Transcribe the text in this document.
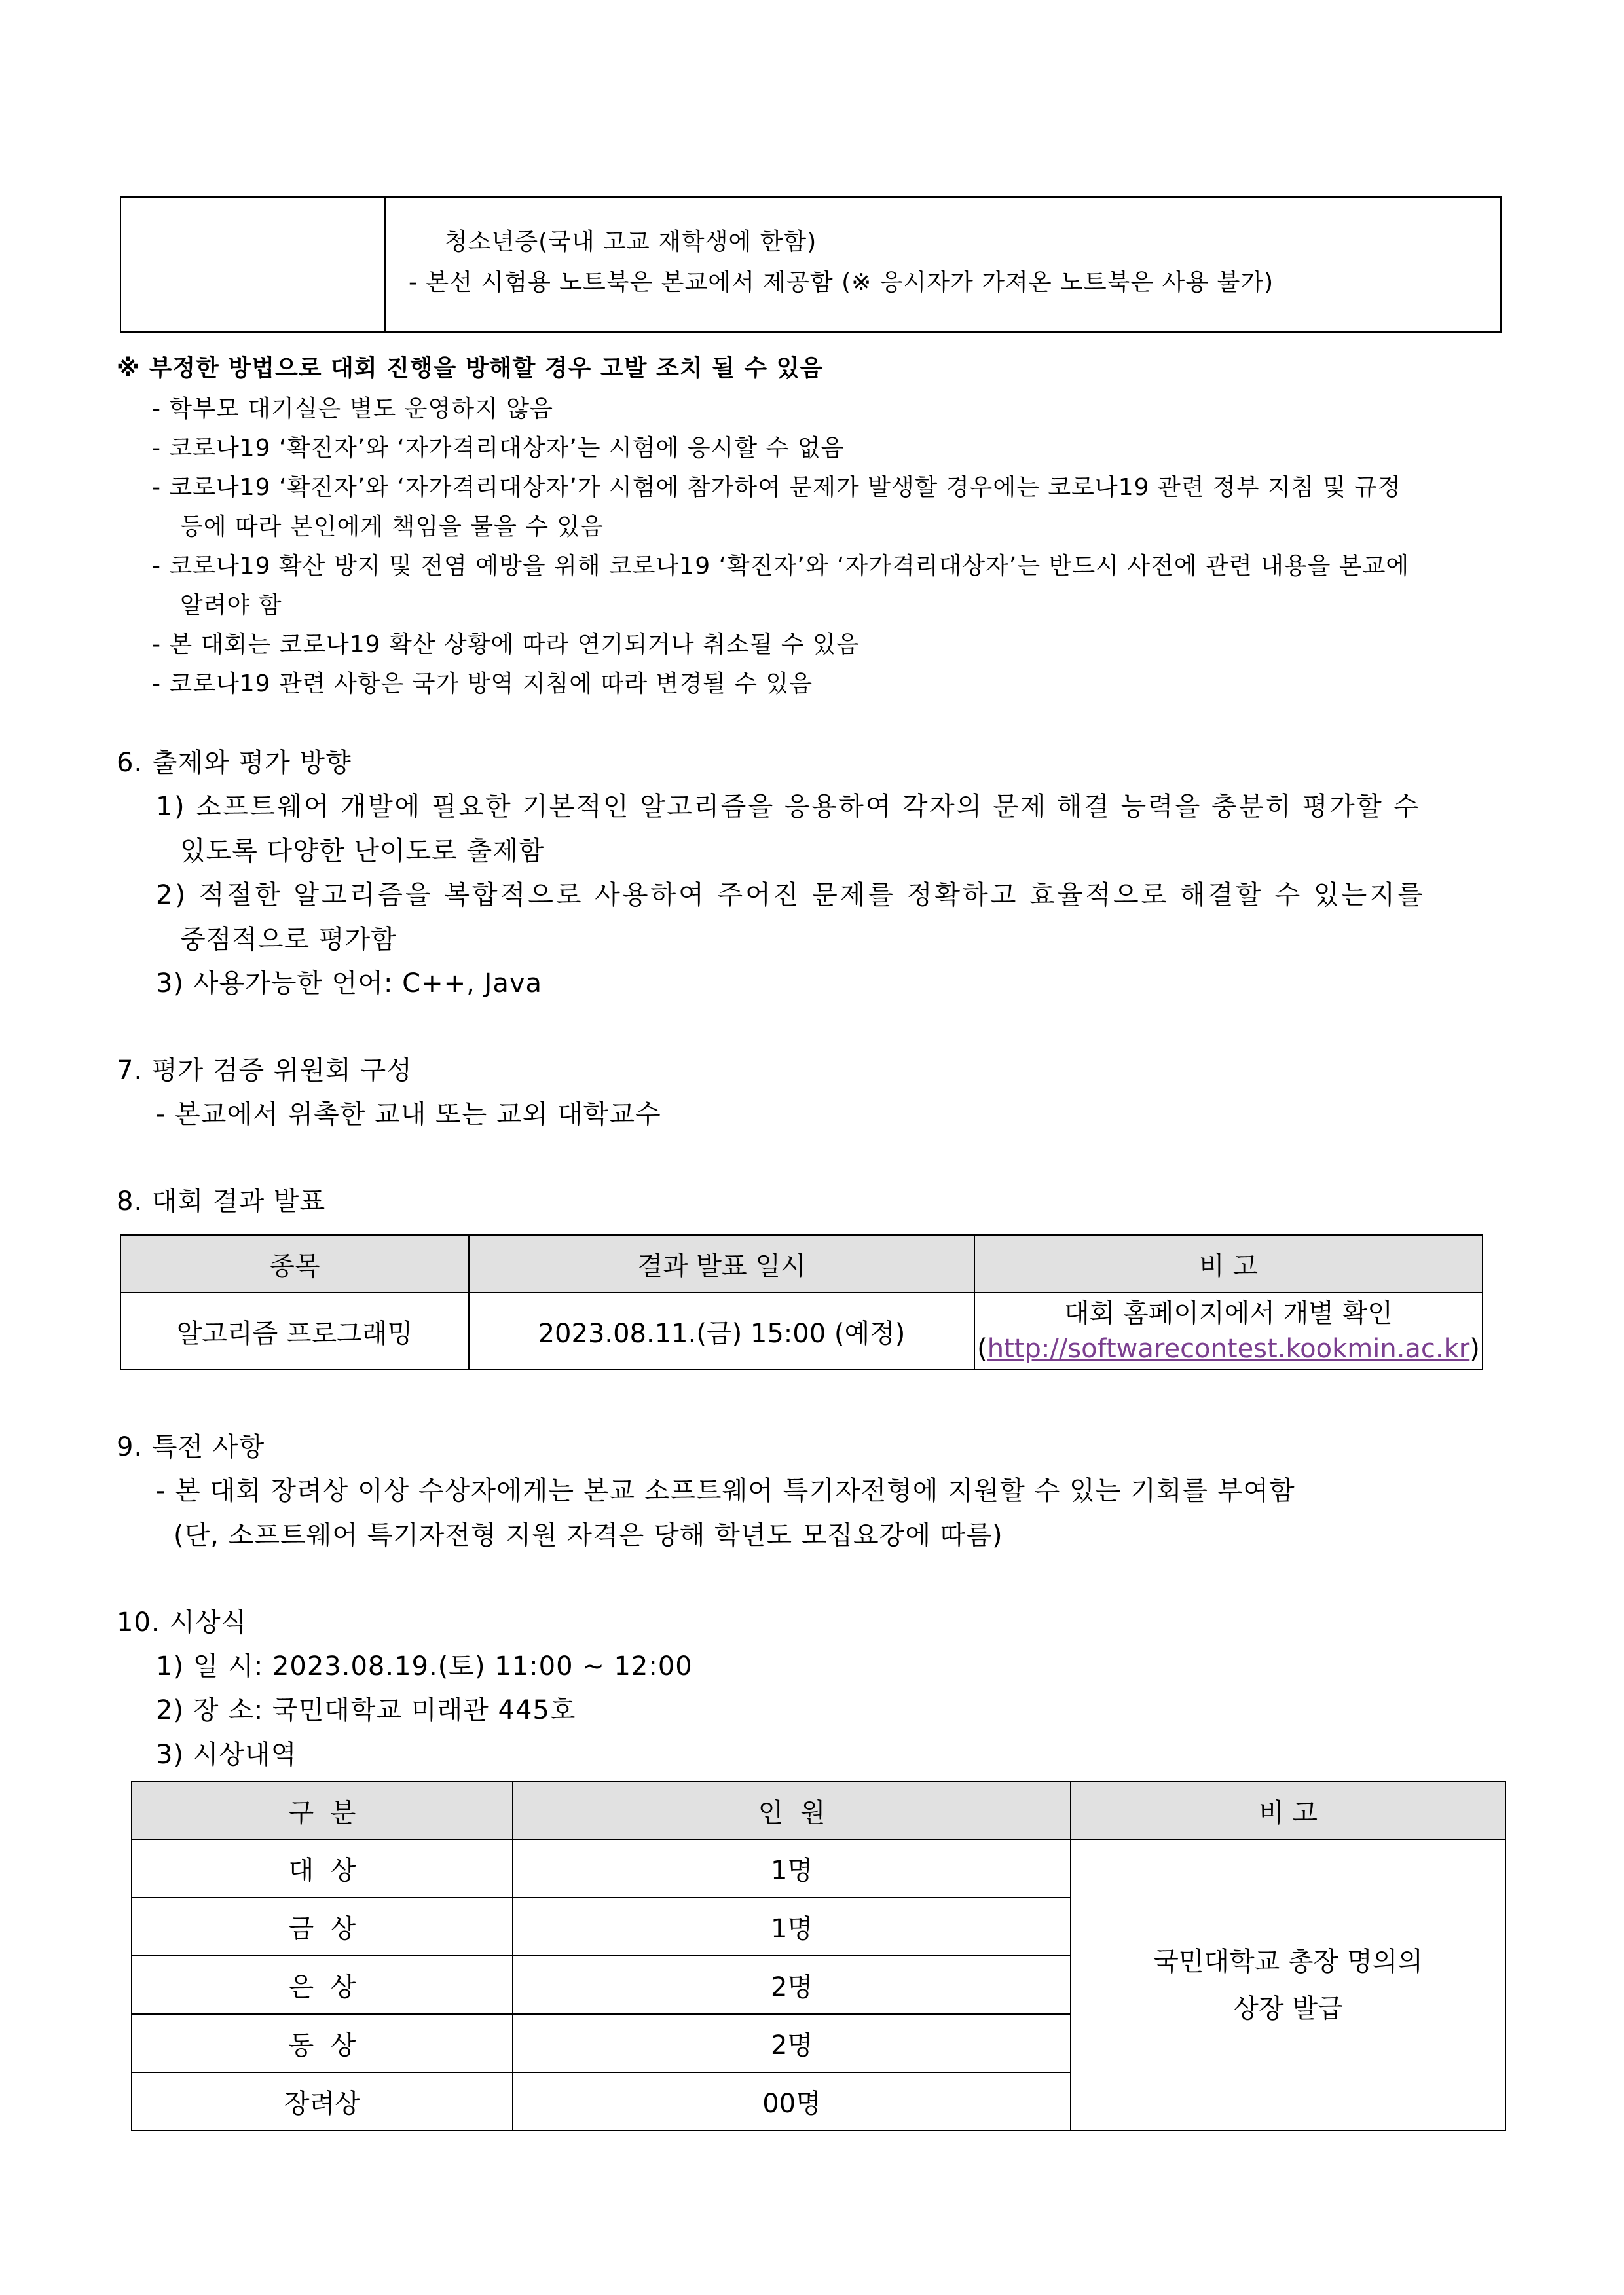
청소년증(국내 고교 재학생에 한함)
- 본선 시험용 노트북은 본교에서 제공함 (※ 응시자가 가져온 노트북은 사용 불가)
※ 부정한 방법으로 대회 진행을 방해할 경우 고발 조치 될 수 있음
- 학부모 대기실은 별도 운영하지 않음
- 코로나19 ‘확진자’와 ‘자가격리대상자’는 시험에 응시할 수 없음
- 코로나19 ‘확진자’와 ‘자가격리대상자’가 시험에 참가하여 문제가 발생할 경우에는 코로나19 관련 정부 지침 및 규정
등에 따라 본인에게 책임을 물을 수 있음
- 코로나19 확산 방지 및 전염 예방을 위해 코로나19 ‘확진자’와 ‘자가격리대상자’는 반드시 사전에 관련 내용을 본교에
알려야 함
- 본 대회는 코로나19 확산 상황에 따라 연기되거나 취소될 수 있음
- 코로나19 관련 사항은 국가 방역 지침에 따라 변경될 수 있음
6. 출제와 평가 방향
1) 소프트웨어 개발에 필요한 기본적인 알고리즘을 응용하여 각자의 문제 해결 능력을 충분히 평가할 수
있도록 다양한 난이도로 출제함
2) 적절한 알고리즘을 복합적으로 사용하여 주어진 문제를 정확하고 효율적으로 해결할 수 있는지를
중점적으로 평가함
3) 사용가능한 언어: C++, Java
7. 평가 검증 위원회 구성
- 본교에서 위촉한 교내 또는 교외 대학교수
8. 대회 결과 발표
종목	결과 발표 일시	비 고
알고리즘 프로그래밍	2023.08.11.(금) 15:00 (예정)	대회 홈페이지에서 개별 확인
(http://softwarecontest.kookmin.ac.kr)
9. 특전 사항
- 본 대회 장려상 이상 수상자에게는 본교 소프트웨어 특기자전형에 지원할 수 있는 기회를 부여함
(단, 소프트웨어 특기자전형 지원 자격은 당해 학년도 모집요강에 따름)
10. 시상식
1) 일 시: 2023.08.19.(토) 11:00 ~ 12:00
2) 장 소: 국민대학교 미래관 445호
3) 시상내역
구  분	인  원	비 고
대  상	1명	국민대학교 총장 명의의
상장 발급

금  상	1명	
은  상	2명	
동  상	2명	
장려상	00명	
